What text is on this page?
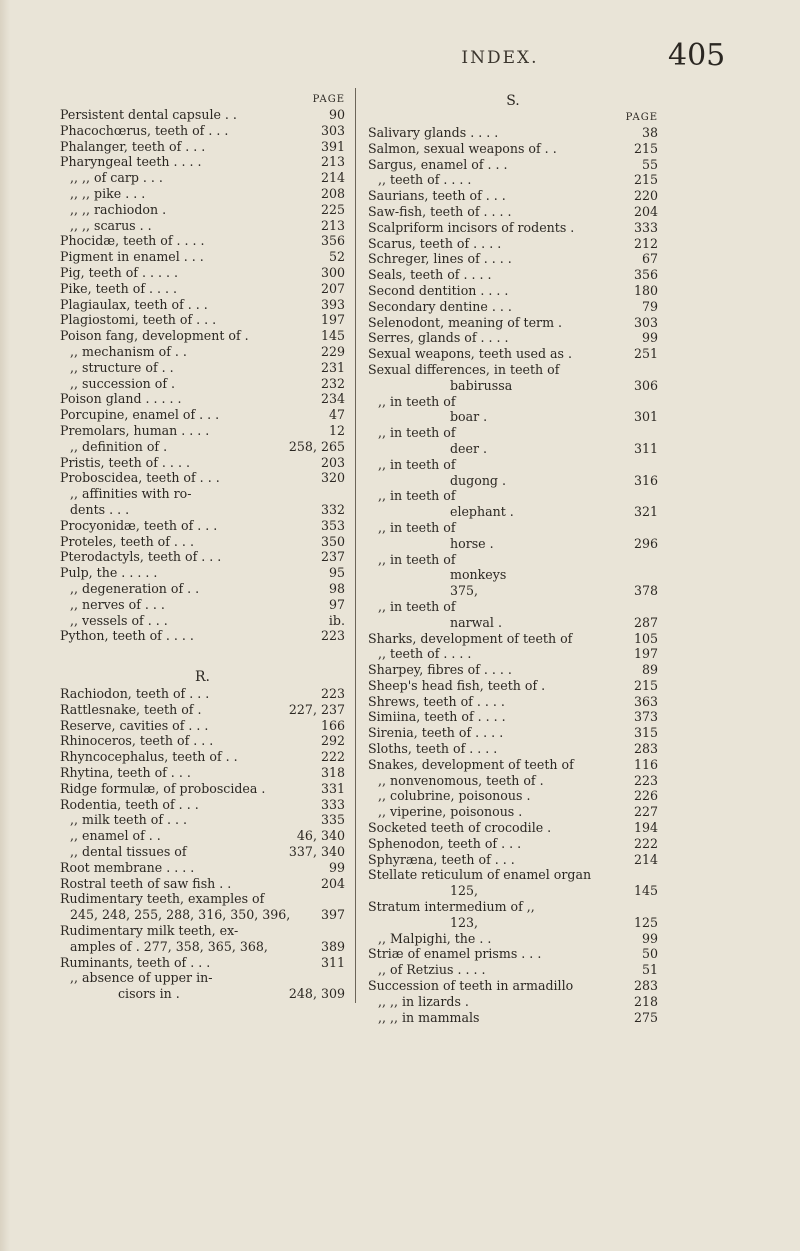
INDEX.	405
PAGE
Persistent dental capsule . .	90
Phacochœrus, teeth of . . .	303
Phalanger, teeth of . . .	391
Pharyngeal teeth . . . .	213
,, ,, of carp . . .	214
,, ,, pike . . .	208
,, ,, rachiodon .	225
,, ,, scarus . .	213
Phocidæ, teeth of . . . .	356
Pigment in enamel . . .	52
Pig, teeth of . . . . .	300
Pike, teeth of . . . .	207
Plagiaulax, teeth of . . .	393
Plagiostomi, teeth of . . .	197
Poison fang, development of .	145
,, mechanism of . .	229
,, structure of . .	231
,, succession of .	232
Poison gland . . . . .	234
Porcupine, enamel of . . .	47
Premolars, human . . . .	12
,, definition of .	258, 265
Pristis, teeth of . . . .	203
Proboscidea, teeth of . . .	320
,, affinities with ro-
dents . . .	332
Procyonidæ, teeth of . . .	353
Proteles, teeth of . . .	350
Pterodactyls, teeth of . . .	237
Pulp, the . . . . .	95
,, degeneration of . .	98
,, nerves of . . .	97
,, vessels of . . .	ib.
Python, teeth of . . . .	223
R.
Rachiodon, teeth of . . .	223
Rattlesnake, teeth of .	227, 237
Reserve, cavities of . . .	166
Rhinoceros, teeth of . . .	292
Rhyncocephalus, teeth of . .	222
Rhytina, teeth of . . .	318
Ridge formulæ, of proboscidea .	331
Rodentia, teeth of . . .	333
,, milk teeth of . . .	335
,, enamel of . .	46, 340
,, dental tissues of	337, 340
Root membrane . . . .	99
Rostral teeth of saw fish . .	204
Rudimentary teeth, examples of
245, 248, 255, 288, 316, 350, 396,	397
Rudimentary milk teeth, ex-
amples of . 277, 358, 365, 368,	389
Ruminants, teeth of . . .	311
,, absence of upper in-
cisors in .	248, 309
S.
PAGE
Salivary glands . . . .	38
Salmon, sexual weapons of . .	215
Sargus, enamel of . . .	55
,, teeth of . . . .	215
Saurians, teeth of . . .	220
Saw-fish, teeth of . . . .	204
Scalpriform incisors of rodents .	333
Scarus, teeth of . . . .	212
Schreger, lines of . . . .	67
Seals, teeth of . . . .	356
Second dentition . . . .	180
Secondary dentine . . .	79
Selenodont, meaning of term .	303
Serres, glands of . . . .	99
Sexual weapons, teeth used as .	251
Sexual differences, in teeth of
babirussa	306
,, in teeth of
boar .	301
,, in teeth of
deer .	311
,, in teeth of
dugong .	316
,, in teeth of
elephant .	321
,, in teeth of
horse .	296
,, in teeth of
monkeys
375,	378
,, in teeth of
narwal .	287
Sharks, development of teeth of	105
,, teeth of . . . .	197
Sharpey, fibres of . . . .	89
Sheep's head fish, teeth of .	215
Shrews, teeth of . . . .	363
Simiina, teeth of . . . .	373
Sirenia, teeth of . . . .	315
Sloths, teeth of . . . .	283
Snakes, development of teeth of	116
,, nonvenomous, teeth of .	223
,, colubrine, poisonous .	226
,, viperine, poisonous .	227
Socketed teeth of crocodile .	194
Sphenodon, teeth of . . .	222
Sphyræna, teeth of . . .	214
Stellate reticulum of enamel organ
125,	145
Stratum intermedium of ,,
123,	125
,, Malpighi, the . .	99
Striæ of enamel prisms . . .	50
,, of Retzius . . . .	51
Succession of teeth in armadillo	283
,, ,, in lizards .	218
,, ,, in mammals	275
